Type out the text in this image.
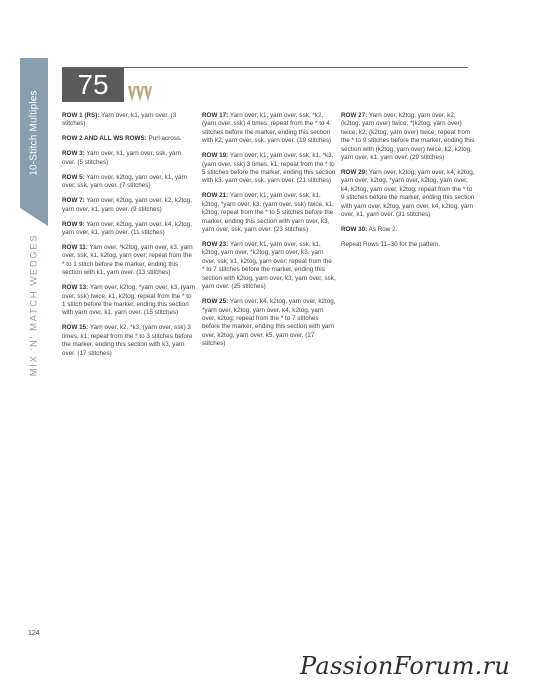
10-Stitch Multiples
MIX 'N' MATCH WEDGES
75

ROW 1 (RS): Yarn over, k1, yarn over. (3 stitches)

ROW 2 AND ALL WS ROWS: Purl across.

ROW 3: Yarn over, k1, yarn over, ssk, yarn over. (5 stitches)

ROW 5: Yarn over, k2tog, yarn over, k1, yarn over, ssk, yarn over. (7 stitches)

ROW 7: Yarn over, k2tog, yarn over, k2, k2tog, yarn over, k1, yarn over. (9 stitches)

ROW 9: Yarn over, k2tog, yarn over, k4, k2tog, yarn over, k1, yarn over. (11 stitches)

ROW 11: Yarn over, *k2tog, yarn over, k3, yarn over, ssk, k1, k2tog, yarn over; repeat from the * to 1 stitch before the marker, ending this section with k1, yarn over. (13 stitches)

ROW 13: Yarn over, k2tog, *yarn over, k3, (yarn over, ssk) twice, k1, k2tog; repeat from the * to 1 stitch before the marker, ending this section with yarn over, k1, yarn over. (15 stitches)

ROW 15: Yarn over, k2, *k3, (yarn over, ssk) 3 times, k1; repeat from the * to 3 stitches before the marker, ending this section with k3, yarn over. (17 stitches)

ROW 17: Yarn over, k1, yarn over, ssk, *k2, (yarn over, ssk) 4 times; repeat from the * to 4 stitches before the marker, ending this section with k2, yarn over, ssk, yarn over. (19 stitches)

ROW 19: Yarn over, k1, yarn over, ssk, k1, *k3, (yarn over, ssk) 3 times, k1; repeat from the * to 5 stitches before the marker, ending this section with k3, yarn over, ssk, yarn over. (21 stitches)

ROW 21: Yarn over, k1, yarn over, ssk, k1, k2tog, *yarn over, k3, (yarn over, ssk) twice, k1, k2tog; repeat from the * to 5 stitches before the marker, ending this section with yarn over, k3, yarn over, ssk, yarn over. (23 stitches)

ROW 23: Yarn over, k1, yarn over, ssk, k1, k2tog, yarn over, *k2tog, yarn over, k3, yarn over, ssk, k1, k2tog, yarn over; repeat from the * to 7 stitches before the marker, ending this section with k2tog, yarn over, k3, yarn over, ssk, yarn over. (25 stitches)

ROW 25: Yarn over, k4, k2tog, yarn over, k2tog, *yarn over, k2tog, yarn over, k4, k2tog, yarn over, k2tog; repeat from the * to 7 stitches before the marker, ending this section with yarn over, k2tog, yarn over, k5, yarn over. (27 stitches)

ROW 27: Yarn over, k2tog, yarn over, k2, (k2tog, yarn over) twice, *(k2tog, yarn over) twice, k2, (k2tog, yarn over) twice; repeat from the * to 9 stitches before the marker, ending this section with (k2tog, yarn over) twice, k2, k2tog, yarn over, k1, yarn over. (29 stitches)

ROW 29: Yarn over, k2tog, yarn over, k4, k2tog, yarn over, k2tog, *yarn over, k2tog, yarn over, k4, k2tog, yarn over, k2tog; repeat from the * to 9 stitches before the marker, ending this section with yarn over, k2tog, yarn over, k4, k2tog, yarn over, k1, yarn over. (31 stitches)

ROW 30: As Row 2.

Repeat Rows 11–30 for the pattern.

124
PassionForum.ru
